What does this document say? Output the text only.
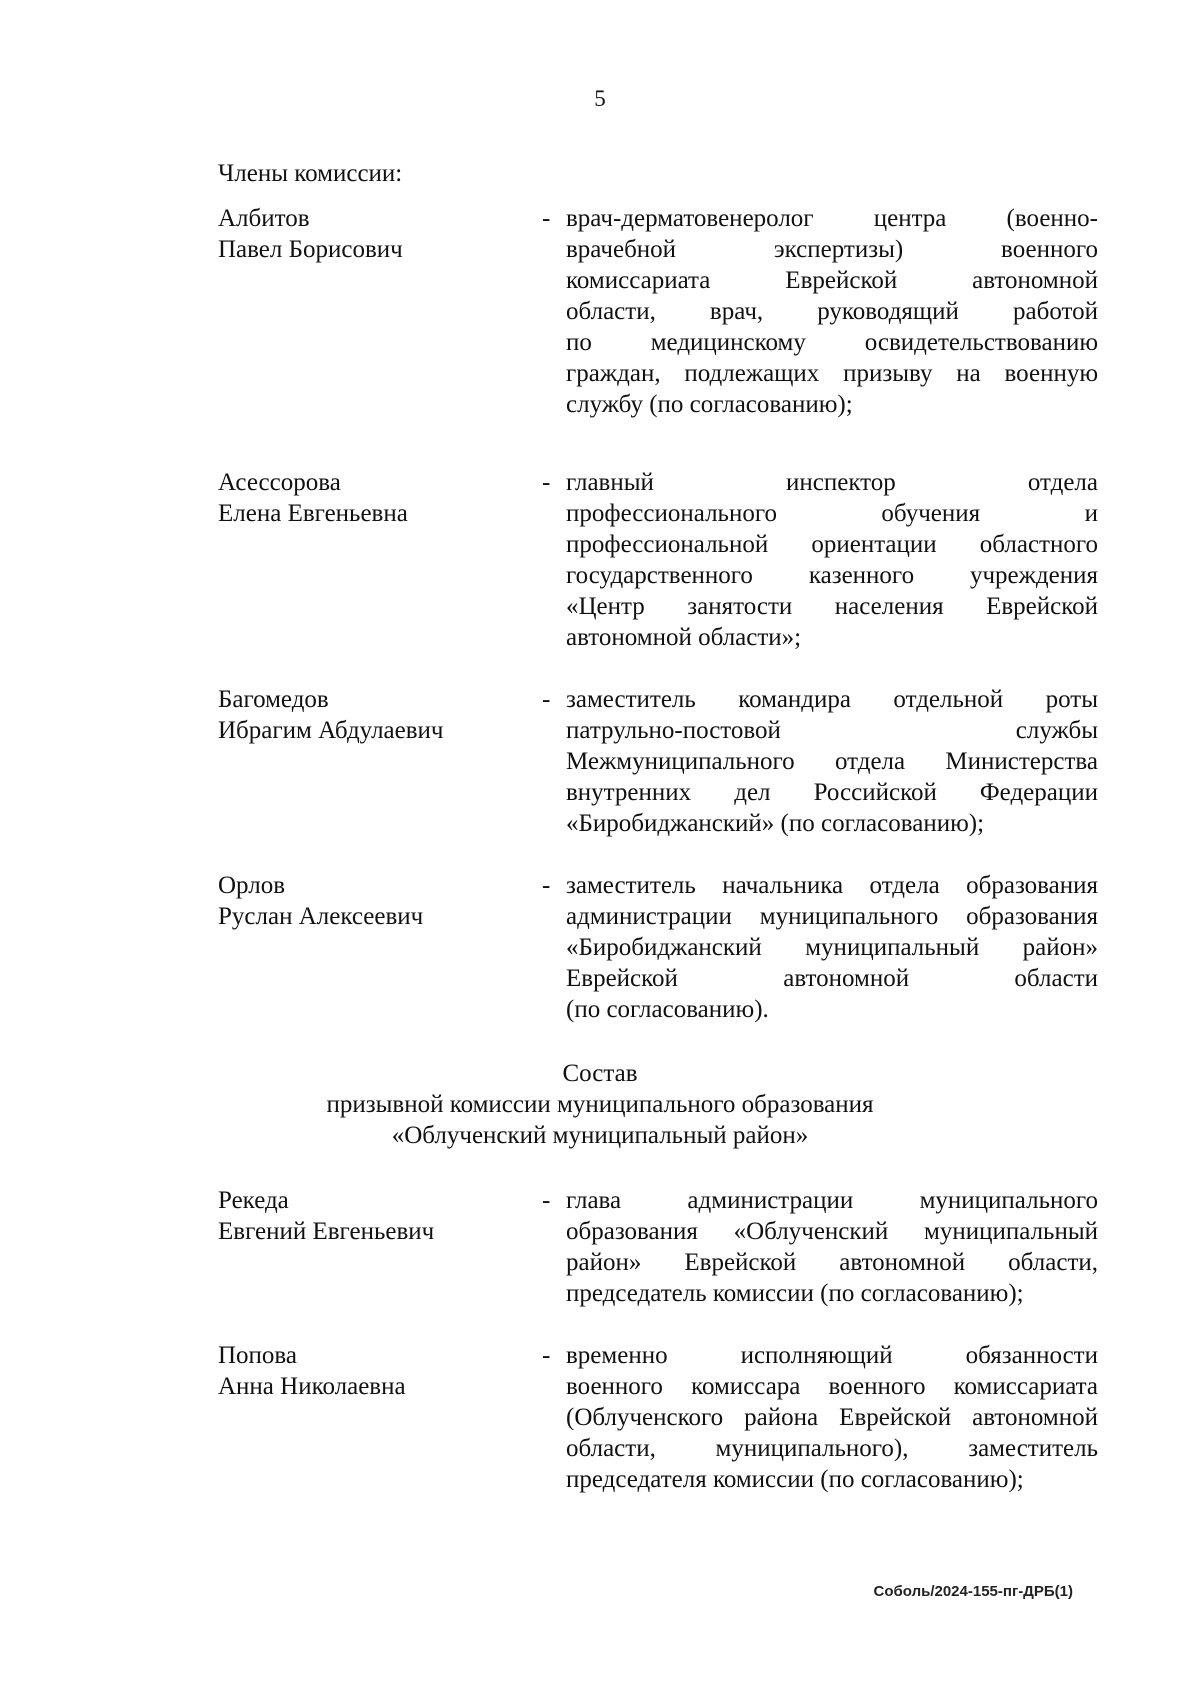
5
Члены комиссии:
Албитов
Павел Борисович
- врач-дерматовенеролог центра (военно-
врачебной экспертизы) военного
комиссариата Еврейской автономной
области, врач, руководящий работой
по медицинскому освидетельствованию
граждан, подлежащих призыву на военную
службу (по согласованию);
Асессорова
Елена Евгеньевна
- главный инспектор отдела
профессионального обучения и
профессиональной ориентации областного
государственного казенного учреждения
«Центр занятости населения Еврейской
автономной области»;
Багомедов
Ибрагим Абдулаевич
- заместитель командира отдельной роты
патрульно-постовой службы
Межмуниципального отдела Министерства
внутренних дел Российской Федерации
«Биробиджанский» (по согласованию);
Орлов
Руслан Алексеевич
- заместитель начальника отдела образования
администрации муниципального образования
«Биробиджанский муниципальный район»
Еврейской автономной области
(по согласованию).
Состав
призывной комиссии муниципального образования
«Облученский муниципальный район»
Рекеда
Евгений Евгеньевич
- глава администрации муниципального
образования «Облученский муниципальный
район» Еврейской автономной области,
председатель комиссии (по согласованию);
Попова
Анна Николаевна
- временно исполняющий обязанности
военного комиссара военного комиссариата
(Облученского района Еврейской автономной
области, муниципального), заместитель
председателя комиссии (по согласованию);
Соболь/2024-155-пг-ДРБ(1)
